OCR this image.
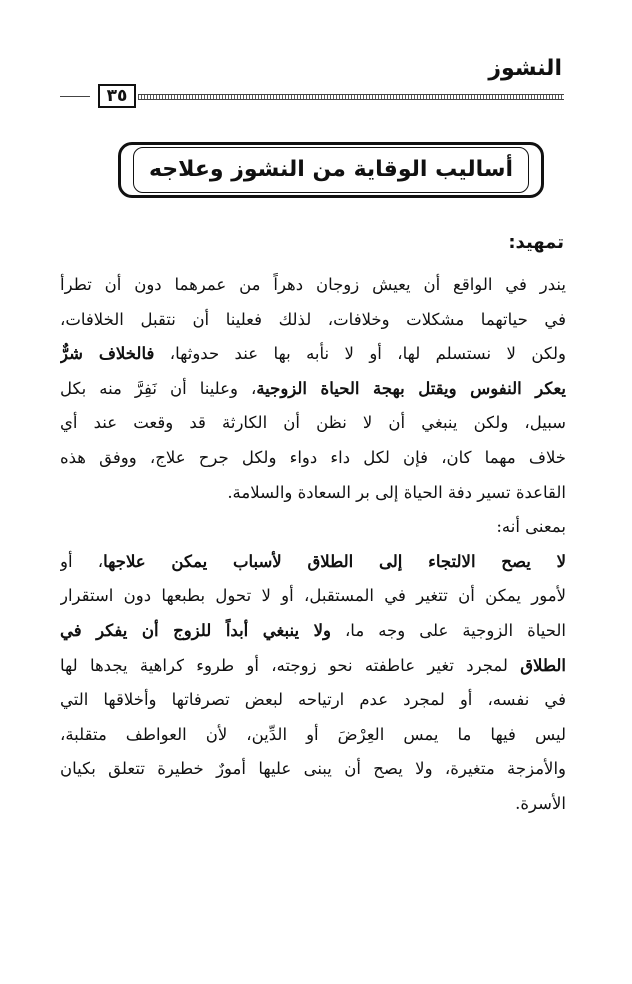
النشوز
٣٥
أساليب الوقاية من النشوز وعلاجه
تمهيد:
يندر في الواقع أن يعيش زوجان دهراً من عمرهما دون أن تطرأ
في حياتهما مشكلات وخلافات، لذلك فعلينا أن نتقبل الخلافات،
ولكن لا نستسلم لها، أو لا نأبه بها عند حدوثها، فالخلاف شرٌّ
يعكر النفوس ويقتل بهجة الحياة الزوجية، وعلينا أن نَفِرَّ منه بكل
سبيل، ولكن ينبغي أن لا نظن أن الكارثة قد وقعت عند أي
خلاف مهما كان، فإن لكل داء دواء ولكل جرح علاج، ووفق هذه
القاعدة تسير دفة الحياة إلى بر السعادة والسلامة.
بمعنى أنه:
لا يصح الالتجاء إلى الطلاق لأسباب يمكن علاجها، أو
لأمور يمكن أن تتغير في المستقبل، أو لا تحول بطبعها دون استقرار
الحياة الزوجية على وجه ما، ولا ينبغي أبداً للزوج أن يفكر في
الطلاق لمجرد تغير عاطفته نحو زوجته، أو طروء كراهية يجدها لها
في نفسه، أو لمجرد عدم ارتياحه لبعض تصرفاتها وأخلاقها التي
ليس فيها ما يمس العِرْضَ أو الدِّين، لأن العواطف متقلبة،
والأمزجة متغيرة، ولا يصح أن يبنى عليها أمورٌ خطيرة تتعلق بكيان
الأسرة.
